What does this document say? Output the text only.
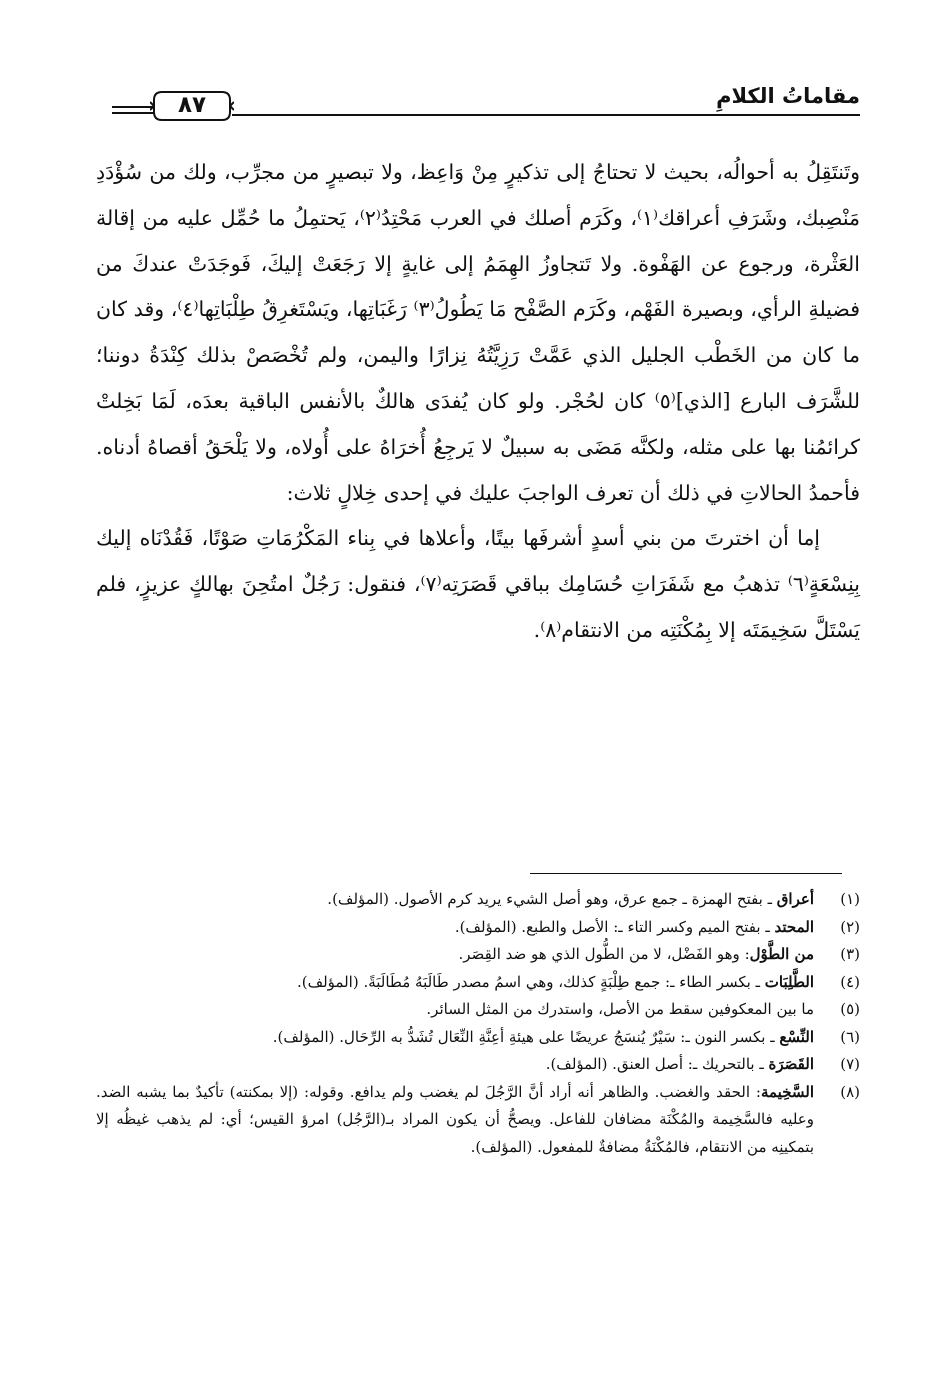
مقاماتُ الكلامِ
٨٧

وتَنتَقِلُ به أحوالُه، بحيث لا تحتاجُ إلى تذكيرٍ مِنْ وَاعِظ، ولا تبصيرٍ من مجرِّب، ولك من سُؤْدَدِ مَنْصِبك، وشَرَفِ أعراقك⁽١⁾، وكَرَم أصلك في العرب مَحْتِدُ⁽٢⁾، يَحتمِلُ ما حُمِّل عليه من إقالة العَثْرة، ورجوع عن الهَفْوة. ولا تَتجاوزُ الهِمَمُ إلى غايةٍ إلا رَجَعَتْ إليكَ، فَوجَدَتْ عندكَ من فضيلةِ الرأي، وبصيرة الفَهْم، وكَرَم الصَّفْح مَا يَطُولُ⁽٣⁾ رَغَبَاتِها، ويَسْتَغرِقُ طِلْبَاتِها⁽٤⁾، وقد كان ما كان من الخَطْب الجليل الذي عَمَّتْ رَزِيَّتُهُ نِزارًا واليمن، ولم تُخْصَصْ بذلك كِنْدَةُ دوننا؛ للشَّرَف البارع [الذي]⁽٥⁾ كان لحُجْر. ولو كان يُفدَى هالكٌ بالأنفس الباقية بعدَه، لَمَا بَخِلتْ كرائمُنا بها على مثله، ولكنَّه مَضَى به سبيلٌ لا يَرجِعُ أُخرَاهُ على أُولاه، ولا يَلْحَقُ أقصاهُ أدناه. فأحمدُ الحالاتِ في ذلك أن تعرف الواجبَ عليك في إحدى خِلالٍ ثلاث:

إما أن اخترتَ من بني أسدٍ أشرفَها بيتًا، وأعلاها في بِناء المَكْرُمَاتِ صَوْتًا، فَقُدْنَاه إليك بِنِسْعَةٍ⁽٦⁾ تذهبُ مع شَفَرَاتِ حُسَامِك بباقي قَصَرَتِه⁽٧⁾، فنقول: رَجُلٌ امتُحِنَ بهالكٍ عزيزٍ، فلم يَسْتَلَّ سَخِيمَتَه إلا بِمُكْنَتِه من الانتقام⁽٨⁾.

(١)
أعراق ـ بفتح الهمزة ـ جمع عرق، وهو أصل الشيء يريد كرم الأصول. (المؤلف).
(٢)
المحتد ـ بفتح الميم وكسر التاء ـ: الأصل والطبع. (المؤلف).
(٣)
من الطَّوْل: وهو الفَضْل، لا من الطُّول الذي هو ضد القِصَر.
(٤)
الطَّلِبَات ـ بكسر الطاء ـ: جمع طِلْبَةٍ كذلك، وهي اسمُ مصدر طَالَبَهُ مُطَالَبَةً. (المؤلف).
(٥)
ما بين المعكوفين سقط من الأصل، واستدرك من المثل السائر.
(٦)
النِّسْع ـ بكسر النون ـ: سَيْرٌ يُنسَجُ عريضًا على هيئةِ أعِنَّةِ النِّعَال تُشَدُّ به الرِّحَال. (المؤلف).
(٧)
القَصَرَة ـ بالتحريك ـ: أصل العنق. (المؤلف).
(٨)
السَّخِيمة: الحقد والغضب. والظاهر أنه أراد أنَّ الرَّجُلَ لم يغضب ولم يدافع. وقوله: (إلا بمكنته) تأكيدٌ بما يشبه الضد. وعليه فالسَّخِيمة والمُكْنَة مضافان للفاعل. ويصحُّ أن يكون المراد بـ(الرَّجُل) امرؤ القيس؛ أي: لم يذهب غيظُه إلا بتمكينِه من الانتقام، فالمُكْنَةُ مضافةٌ للمفعول. (المؤلف).
